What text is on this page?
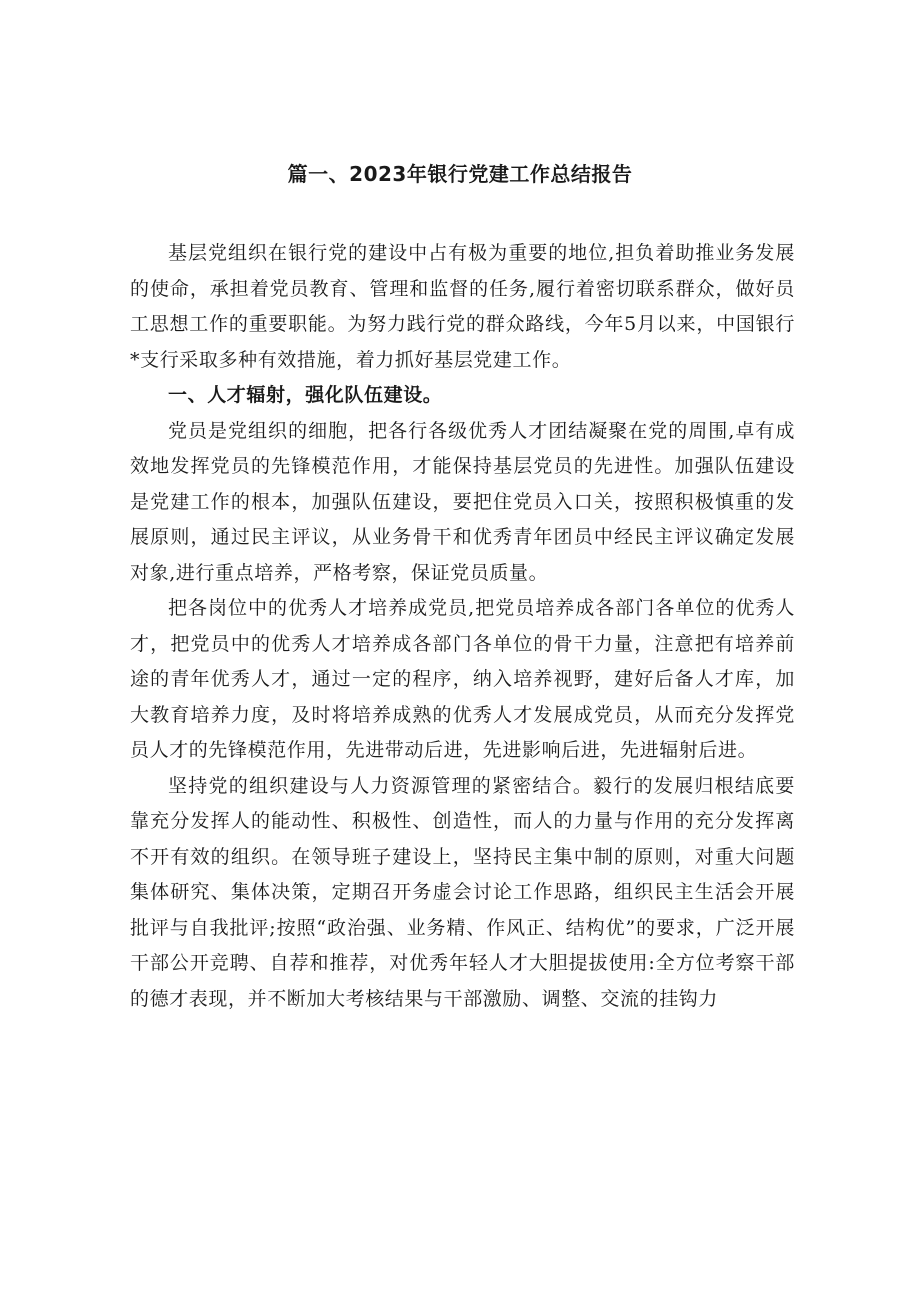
篇一、2023年银行党建工作总结报告

基层党组织在银行党的建设中占有极为重要的地位,担负着助推业务发展的使命，承担着党员教育、管理和监督的任务,履行着密切联系群众，做好员工思想工作的重要职能。为努力践行党的群众路线，今年5月以来，中国银行*支行采取多种有效措施，着力抓好基层党建工作。

一、人才辐射，强化队伍建设。

党员是党组织的细胞，把各行各级优秀人才团结凝聚在党的周围,卓有成效地发挥党员的先锋模范作用，才能保持基层党员的先进性。加强队伍建设是党建工作的根本，加强队伍建设，要把住党员入口关，按照积极慎重的发展原则，通过民主评议，从业务骨干和优秀青年团员中经民主评议确定发展对象,进行重点培养，严格考察，保证党员质量。

把各岗位中的优秀人才培养成党员,把党员培养成各部门各单位的优秀人才，把党员中的优秀人才培养成各部门各单位的骨干力量，注意把有培养前途的青年优秀人才，通过一定的程序，纳入培养视野，建好后备人才库，加大教育培养力度，及时将培养成熟的优秀人才发展成党员，从而充分发挥党员人才的先锋模范作用，先进带动后进，先进影响后进，先进辐射后进。

坚持党的组织建设与人力资源管理的紧密结合。毅行的发展归根结底要靠充分发挥人的能动性、积极性、创造性，而人的力量与作用的充分发挥离不开有效的组织。在领导班子建设上，坚持民主集中制的原则，对重大问题集体研究、集体决策，定期召开务虚会讨论工作思路，组织民主生活会开展批评与自我批评;按照“政治强、业务精、作风正、结构优”的要求，广泛开展干部公开竞聘、自荐和推荐，对优秀年轻人才大胆提拔使用:全方位考察干部的德才表现，并不断加大考核结果与干部激励、调整、交流的挂钩力
